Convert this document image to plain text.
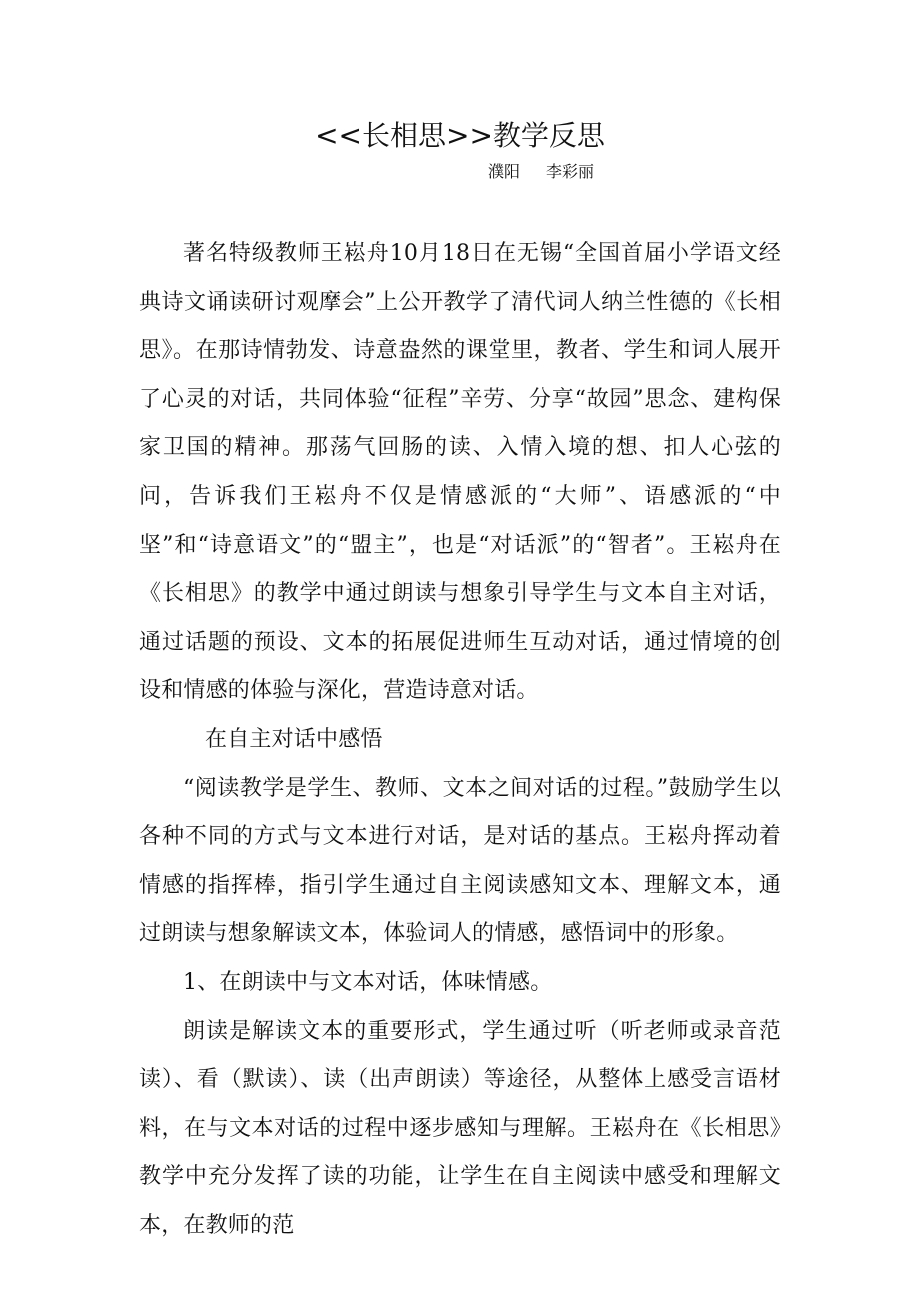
<<长相思>>教学反思
濮阳 李彩丽

著名特级教师王崧舟10月18日在无锡“全国首届小学语文经典诗文诵读研讨观摩会”上公开教学了清代词人纳兰性德的《长相思》。在那诗情勃发、诗意盎然的课堂里，教者、学生和词人展开了心灵的对话，共同体验“征程”辛劳、分享“故园”思念、建构保家卫国的精神。那荡气回肠的读、入情入境的想、扣人心弦的问，告诉我们王崧舟不仅是情感派的“大师”、语感派的“中坚”和“诗意语文”的“盟主”，也是“对话派”的“智者”。王崧舟在《长相思》的教学中通过朗读与想象引导学生与文本自主对话，通过话题的预设、文本的拓展促进师生互动对话，通过情境的创设和情感的体验与深化，营造诗意对话。

在自主对话中感悟

“阅读教学是学生、教师、文本之间对话的过程。”鼓励学生以各种不同的方式与文本进行对话，是对话的基点。王崧舟挥动着情感的指挥棒，指引学生通过自主阅读感知文本、理解文本，通过朗读与想象解读文本，体验词人的情感，感悟词中的形象。

1、在朗读中与文本对话，体味情感。

朗读是解读文本的重要形式，学生通过听（听老师或录音范读）、看（默读）、读（出声朗读）等途径，从整体上感受言语材料，在与文本对话的过程中逐步感知与理解。王崧舟在《长相思》教学中充分发挥了读的功能，让学生在自主阅读中感受和理解文本，在教师的范
